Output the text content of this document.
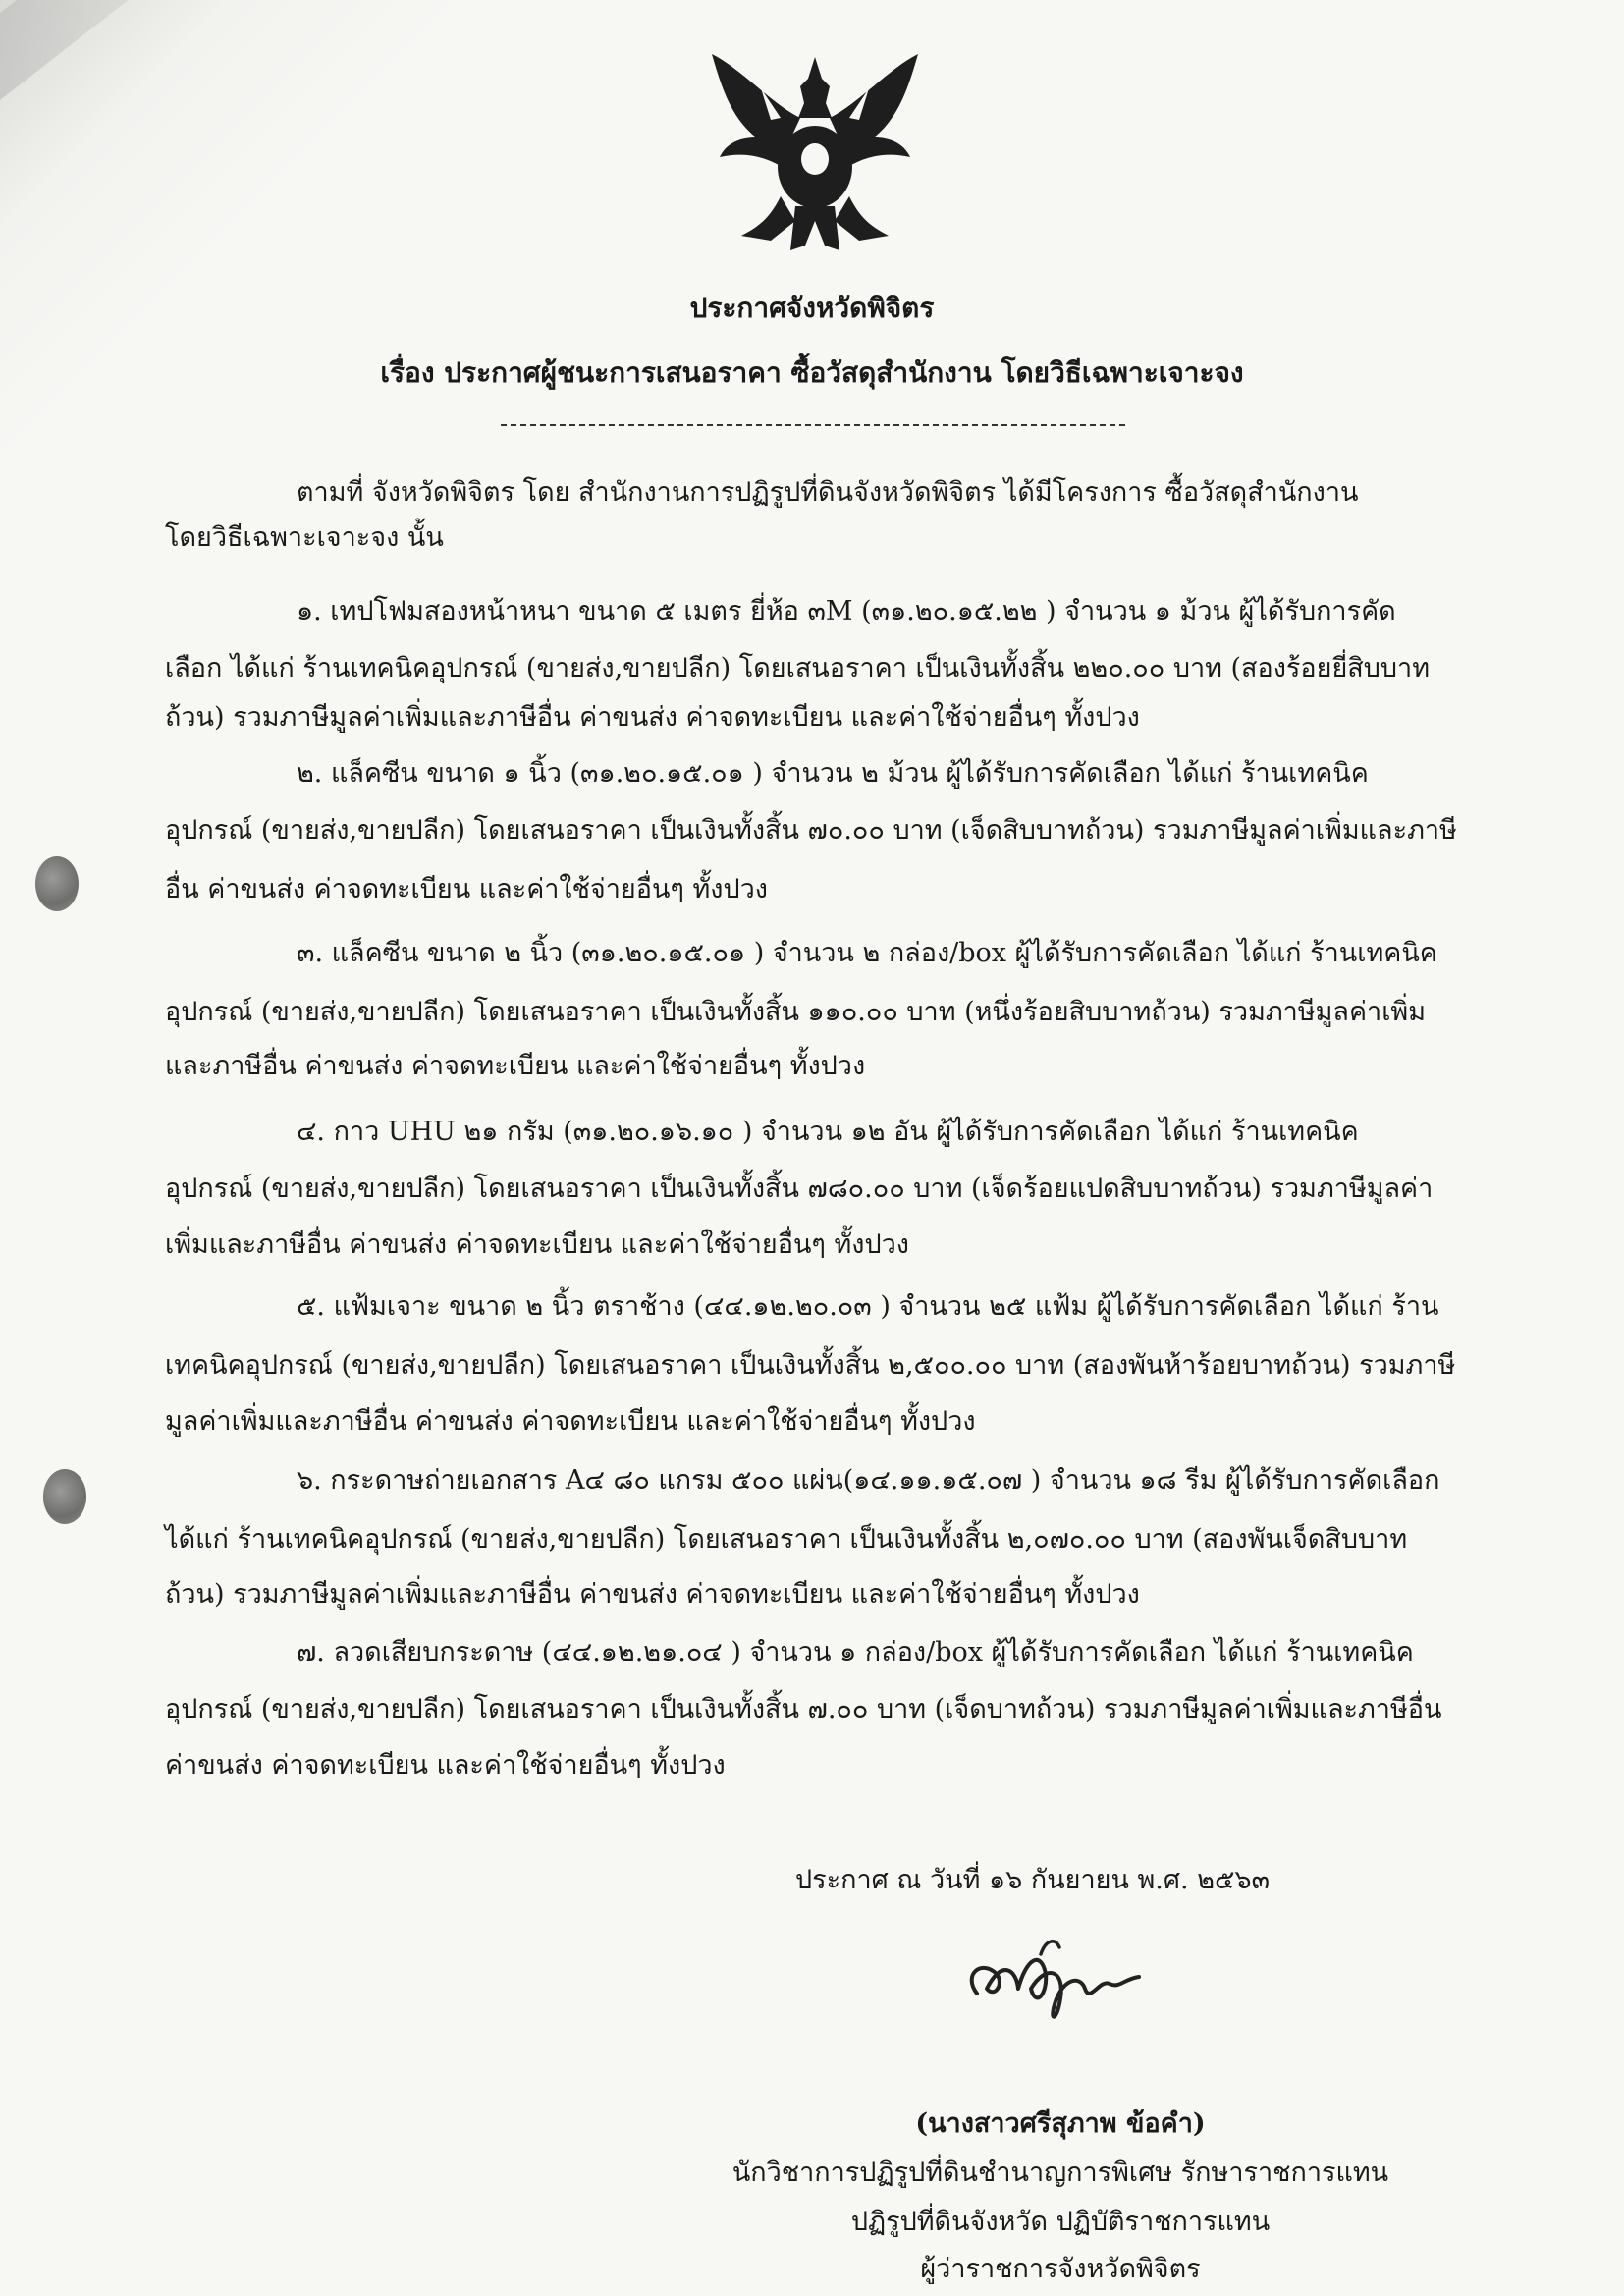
ประกาศจังหวัดพิจิตร
เรื่อง ประกาศผู้ชนะการเสนอราคา ซื้อวัสดุสำนักงาน โดยวิธีเฉพาะเจาะจง
ตามที่ จังหวัดพิจิตร โดย สำนักงานการปฏิรูปที่ดินจังหวัดพิจิตร ได้มีโครงการ ซื้อวัสดุสำนักงาน
โดยวิธีเฉพาะเจาะจง นั้น
๑. เทปโฟมสองหน้าหนา ขนาด ๕ เมตร ยี่ห้อ ๓M (๓๑.๒๐.๑๕.๒๒ ) จำนวน ๑ ม้วน ผู้ได้รับการคัด
เลือก ได้แก่ ร้านเทคนิคอุปกรณ์ (ขายส่ง,ขายปลีก) โดยเสนอราคา เป็นเงินทั้งสิ้น ๒๒๐.๐๐ บาท (สองร้อยยี่สิบบาท
ถ้วน) รวมภาษีมูลค่าเพิ่มและภาษีอื่น ค่าขนส่ง ค่าจดทะเบียน และค่าใช้จ่ายอื่นๆ ทั้งปวง
๒. แล็คซีน ขนาด ๑ นิ้ว (๓๑.๒๐.๑๕.๐๑ ) จำนวน ๒ ม้วน ผู้ได้รับการคัดเลือก ได้แก่ ร้านเทคนิค
อุปกรณ์ (ขายส่ง,ขายปลีก) โดยเสนอราคา เป็นเงินทั้งสิ้น ๗๐.๐๐ บาท (เจ็ดสิบบาทถ้วน) รวมภาษีมูลค่าเพิ่มและภาษี
อื่น ค่าขนส่ง ค่าจดทะเบียน และค่าใช้จ่ายอื่นๆ ทั้งปวง
๓. แล็คซีน ขนาด ๒ นิ้ว (๓๑.๒๐.๑๕.๐๑ ) จำนวน ๒ กล่อง/box ผู้ได้รับการคัดเลือก ได้แก่ ร้านเทคนิค
อุปกรณ์ (ขายส่ง,ขายปลีก) โดยเสนอราคา เป็นเงินทั้งสิ้น ๑๑๐.๐๐ บาท (หนึ่งร้อยสิบบาทถ้วน) รวมภาษีมูลค่าเพิ่ม
และภาษีอื่น ค่าขนส่ง ค่าจดทะเบียน และค่าใช้จ่ายอื่นๆ ทั้งปวง
๔. กาว UHU ๒๑ กรัม (๓๑.๒๐.๑๖.๑๐ ) จำนวน ๑๒ อัน ผู้ได้รับการคัดเลือก ได้แก่ ร้านเทคนิค
อุปกรณ์ (ขายส่ง,ขายปลีก) โดยเสนอราคา เป็นเงินทั้งสิ้น ๗๘๐.๐๐ บาท (เจ็ดร้อยแปดสิบบาทถ้วน) รวมภาษีมูลค่า
เพิ่มและภาษีอื่น ค่าขนส่ง ค่าจดทะเบียน และค่าใช้จ่ายอื่นๆ ทั้งปวง
๕. แฟ้มเจาะ ขนาด ๒ นิ้ว ตราช้าง (๔๔.๑๒.๒๐.๐๓ ) จำนวน ๒๕ แฟ้ม ผู้ได้รับการคัดเลือก ได้แก่ ร้าน
เทคนิคอุปกรณ์ (ขายส่ง,ขายปลีก) โดยเสนอราคา เป็นเงินทั้งสิ้น ๒,๕๐๐.๐๐ บาท (สองพันห้าร้อยบาทถ้วน) รวมภาษี
มูลค่าเพิ่มและภาษีอื่น ค่าขนส่ง ค่าจดทะเบียน และค่าใช้จ่ายอื่นๆ ทั้งปวง
๖. กระดาษถ่ายเอกสาร A๔ ๘๐ แกรม ๕๐๐ แผ่น(๑๔.๑๑.๑๕.๐๗ ) จำนวน ๑๘ รีม ผู้ได้รับการคัดเลือก
ได้แก่ ร้านเทคนิคอุปกรณ์ (ขายส่ง,ขายปลีก) โดยเสนอราคา เป็นเงินทั้งสิ้น ๒,๐๗๐.๐๐ บาท (สองพันเจ็ดสิบบาท
ถ้วน) รวมภาษีมูลค่าเพิ่มและภาษีอื่น ค่าขนส่ง ค่าจดทะเบียน และค่าใช้จ่ายอื่นๆ ทั้งปวง
๗. ลวดเสียบกระดาษ (๔๔.๑๒.๒๑.๐๔ ) จำนวน ๑ กล่อง/box ผู้ได้รับการคัดเลือก ได้แก่ ร้านเทคนิค
อุปกรณ์ (ขายส่ง,ขายปลีก) โดยเสนอราคา เป็นเงินทั้งสิ้น ๗.๐๐ บาท (เจ็ดบาทถ้วน) รวมภาษีมูลค่าเพิ่มและภาษีอื่น
ค่าขนส่ง ค่าจดทะเบียน และค่าใช้จ่ายอื่นๆ ทั้งปวง
ประกาศ ณ วันที่ ๑๖ กันยายน พ.ศ. ๒๕๖๓
(นางสาวศรีสุภาพ ข้อคำ)
นักวิชาการปฏิรูปที่ดินชำนาญการพิเศษ รักษาราชการแทน
ปฏิรูปที่ดินจังหวัด ปฏิบัติราชการแทน
ผู้ว่าราชการจังหวัดพิจิตร
